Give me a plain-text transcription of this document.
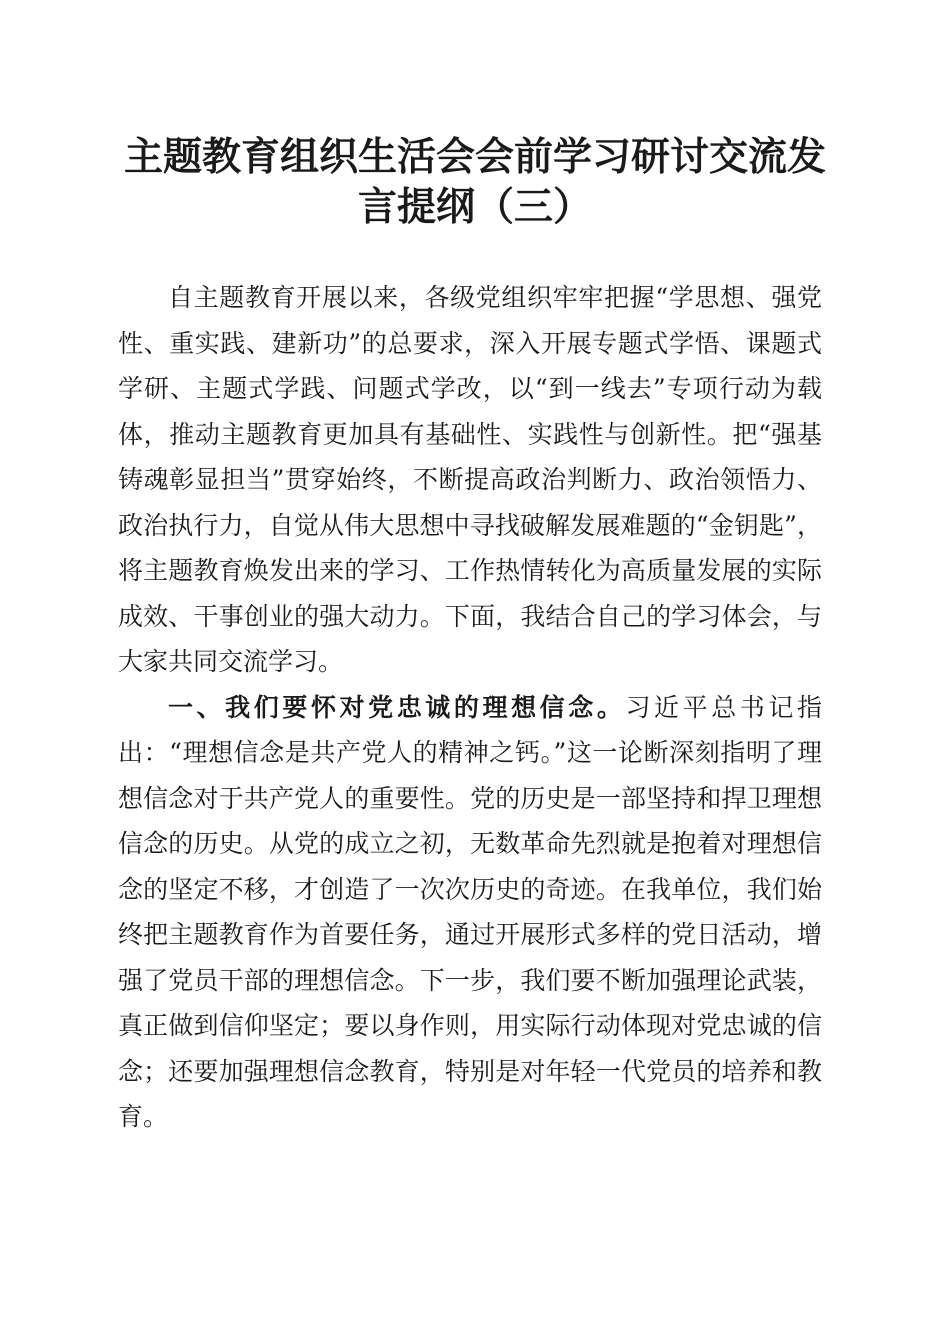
主题教育组织生活会会前学习研讨交流发言提纲（三）

自主题教育开展以来，各级党组织牢牢把握“学思想、强党性、重实践、建新功”的总要求，深入开展专题式学悟、课题式学研、主题式学践、问题式学改，以“到一线去”专项行动为载体，推动主题教育更加具有基础性、实践性与创新性。把“强基铸魂彰显担当”贯穿始终，不断提高政治判断力、政治领悟力、政治执行力，自觉从伟大思想中寻找破解发展难题的“金钥匙”，将主题教育焕发出来的学习、工作热情转化为高质量发展的实际成效、干事创业的强大动力。下面，我结合自己的学习体会，与大家共同交流学习。

一、我们要怀对党忠诚的理想信念。习近平总书记指出：“理想信念是共产党人的精神之钙。”这一论断深刻指明了理想信念对于共产党人的重要性。党的历史是一部坚持和捍卫理想信念的历史。从党的成立之初，无数革命先烈就是抱着对理想信念的坚定不移，才创造了一次次历史的奇迹。在我单位，我们始终把主题教育作为首要任务，通过开展形式多样的党日活动，增强了党员干部的理想信念。下一步，我们要不断加强理论武装，真正做到信仰坚定；要以身作则，用实际行动体现对党忠诚的信念；还要加强理想信念教育，特别是对年轻一代党员的培养和教育。
